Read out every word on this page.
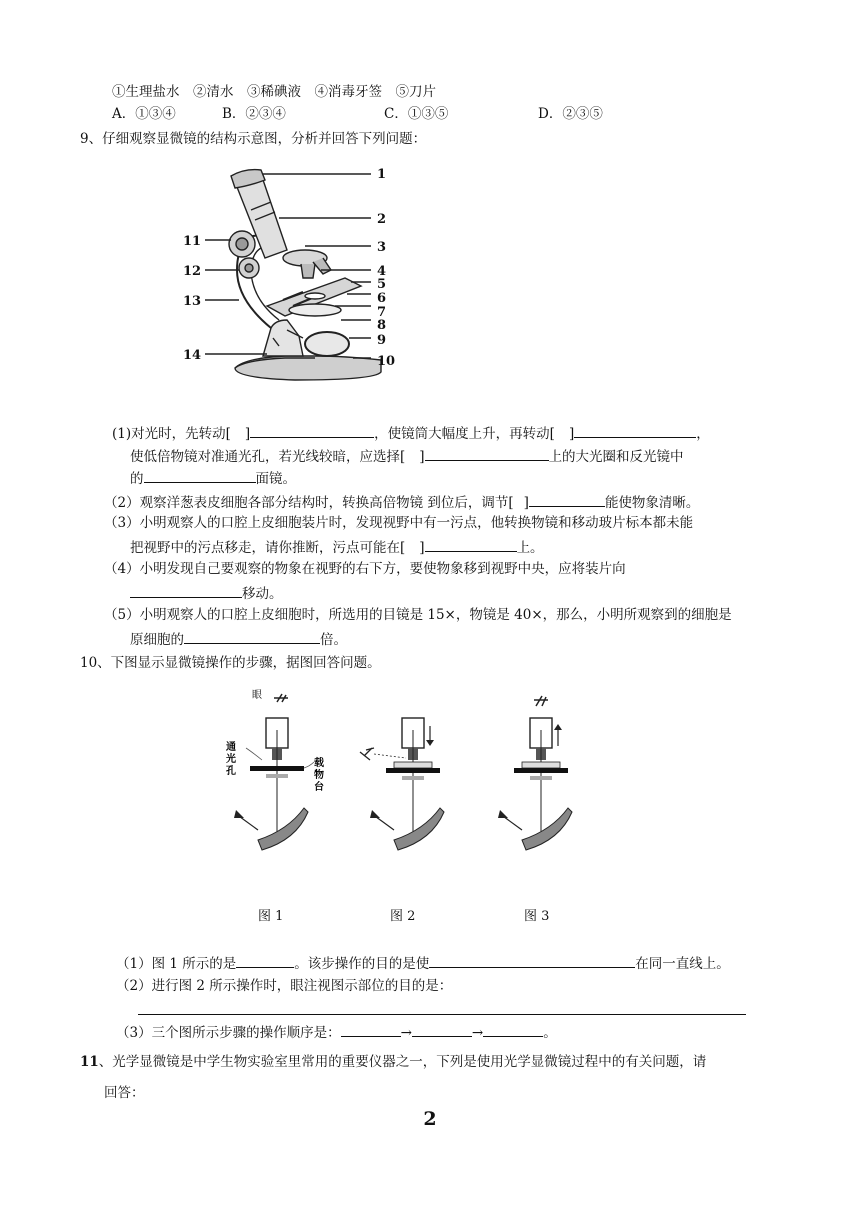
①生理盐水　②清水　③稀碘液　④消毒牙签　⑤刀片
A．①③④	B．②③④	C．①③⑤	D．②③⑤
9、仔细观察显微镜的结构示意图，分析并回答下列问题：
1
2
3
4
5
6
7
8
9
10
11
12
13
14
(1)对光时，先转动[ ]	，使镜筒大幅度上升，再转动[ ]	，
使低倍物镜对准通光孔，若光线较暗，应选择[ ]	上的大光圈和反光镜中
的	面镜。
（2）观察洋葱表皮细胞各部分结构时，转换高倍物镜 到位后，调节[ ]	能使物象清晰。
（3）小明观察人的口腔上皮细胞装片时，发现视野中有一污点，他转换物镜和移动玻片标本都未能
把视野中的污点移走，请你推断，污点可能在[ ]	上。
（4）小明发现自己要观察的物象在视野的右下方，要使物象移到视野中央，应将装片向
移动。
（5）小明观察人的口腔上皮细胞时，所选用的目镜是 15×，物镜是 40×，那么，小明所观察到的细胞是
原细胞的	倍。
10、下图显示显微镜操作的步骤，据图回答问题。
眼
通
光
孔
载
物
台
图 1	图 2	图 3
（1）图 1 所示的是	。该步操作的目的是使	在同一直线上。
（2）进行图 2 所示操作时，眼注视图示部位的目的是：
（3）三个图所示步骤的操作顺序是：	→	→	。
11、光学显微镜是中学生物实验室里常用的重要仪器之一，下列是使用光学显微镜过程中的有关问题，请
回答：
2
